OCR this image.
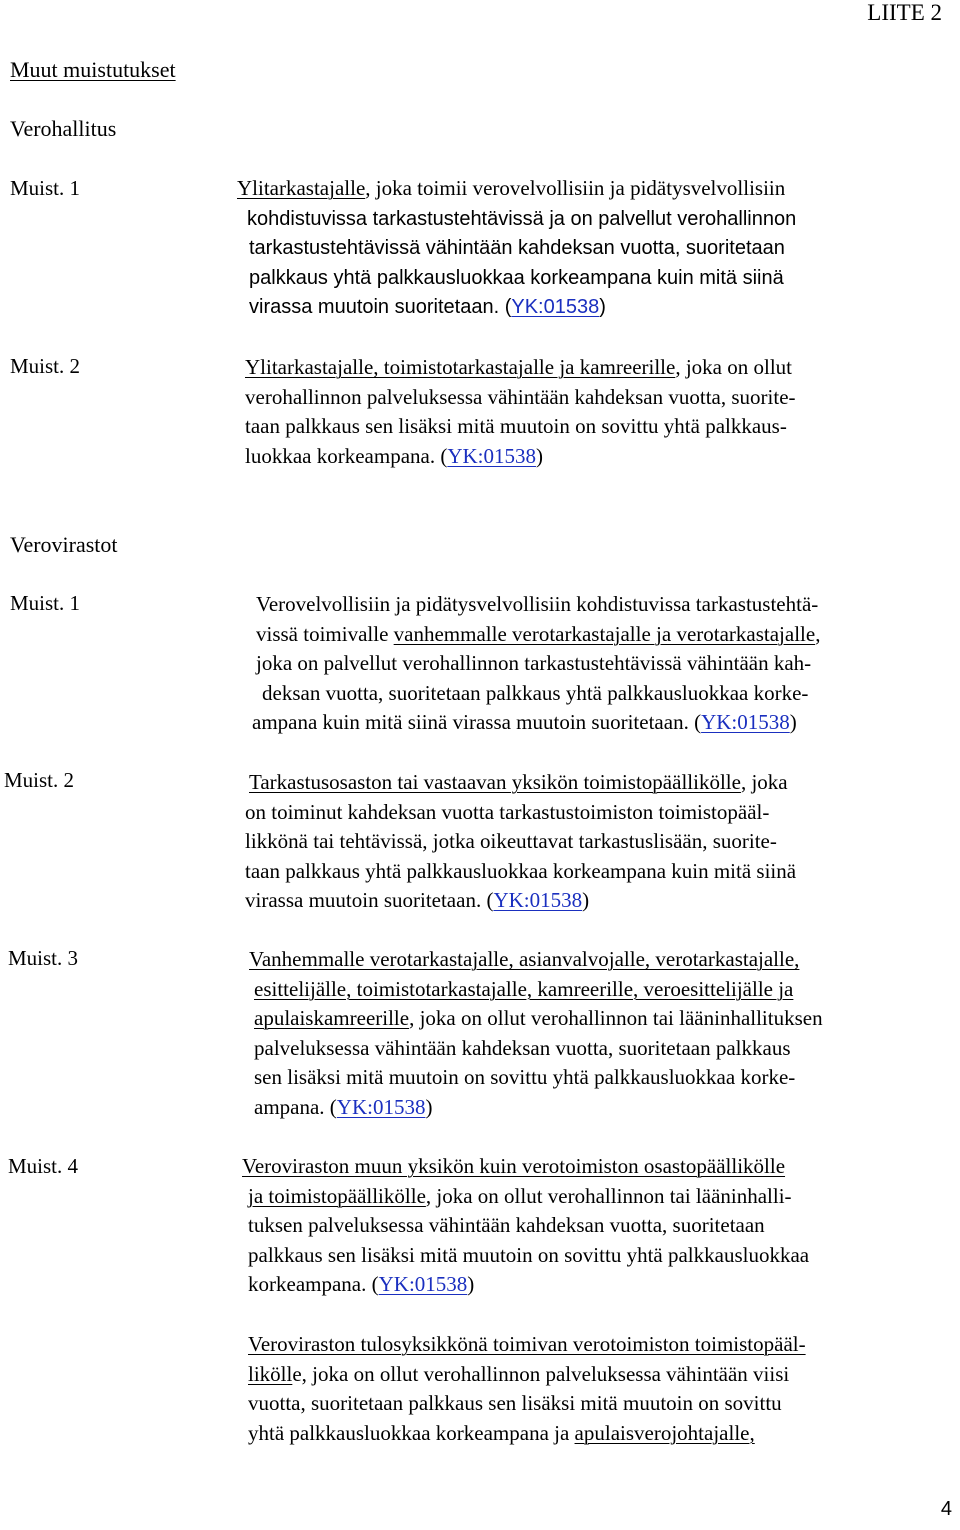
LIITE 2
Muut muistutukset
Verohallitus
Verovirastot
Muist. 1	Ylitarkastajalle, joka toimii verovelvollisiin ja pidätysvelvollisiin
kohdistuvissa tarkastustehtävissä ja on palvellut verohallinnon
tarkastustehtävissä vähintään kahdeksan vuotta, suoritetaan
palkkaus yhtä palkkausluokkaa korkeampana kuin mitä siinä
virassa muutoin suoritetaan. (YK:01538)
Muist. 2	Ylitarkastajalle, toimistotarkastajalle ja kamreerille, joka on ollut
verohallinnon palveluksessa vähintään kahdeksan vuotta, suorite-
taan palkkaus sen lisäksi mitä muutoin on sovittu yhtä palkkaus-
luokkaa korkeampana. (YK:01538)
Muist. 1	Verovelvollisiin ja pidätysvelvollisiin kohdistuvissa tarkastustehtä-
vissä toimivalle vanhemmalle verotarkastajalle ja verotarkastajalle,
joka on palvellut verohallinnon tarkastustehtävissä vähintään kah-
deksan vuotta, suoritetaan palkkaus yhtä palkkausluokkaa korke-
ampana kuin mitä siinä virassa muutoin suoritetaan. (YK:01538)
Muist. 2	Tarkastusosaston tai vastaavan yksikön toimistopäällikölle, joka
on toiminut kahdeksan vuotta tarkastustoimiston toimistopääl-
likkönä tai tehtävissä, jotka oikeuttavat tarkastuslisään, suorite-
taan palkkaus yhtä palkkausluokkaa korkeampana kuin mitä siinä
virassa muutoin suoritetaan. (YK:01538)
Muist. 3	Vanhemmalle verotarkastajalle, asianvalvojalle, verotarkastajalle,
esittelijälle, toimistotarkastajalle, kamreerille, veroesittelijälle ja
apulaiskamreerille, joka on ollut verohallinnon tai lääninhallituksen
palveluksessa vähintään kahdeksan vuotta, suoritetaan palkkaus
sen lisäksi mitä muutoin on sovittu yhtä palkkausluokkaa korke-
ampana. (YK:01538)
Muist. 4	Veroviraston muun yksikön kuin verotoimiston osastopäällikölle
ja toimistopäällikölle, joka on ollut verohallinnon tai lääninhalli-
tuksen palveluksessa vähintään kahdeksan vuotta, suoritetaan
palkkaus sen lisäksi mitä muutoin on sovittu yhtä palkkausluokkaa
korkeampana. (YK:01538)
Veroviraston tulosyksikkönä toimivan verotoimiston toimistopääl-
likölle, joka on ollut verohallinnon palveluksessa vähintään viisi
vuotta, suoritetaan palkkaus sen lisäksi mitä muutoin on sovittu
yhtä palkkausluokkaa korkeampana ja apulaisverojohtajalle,
4
